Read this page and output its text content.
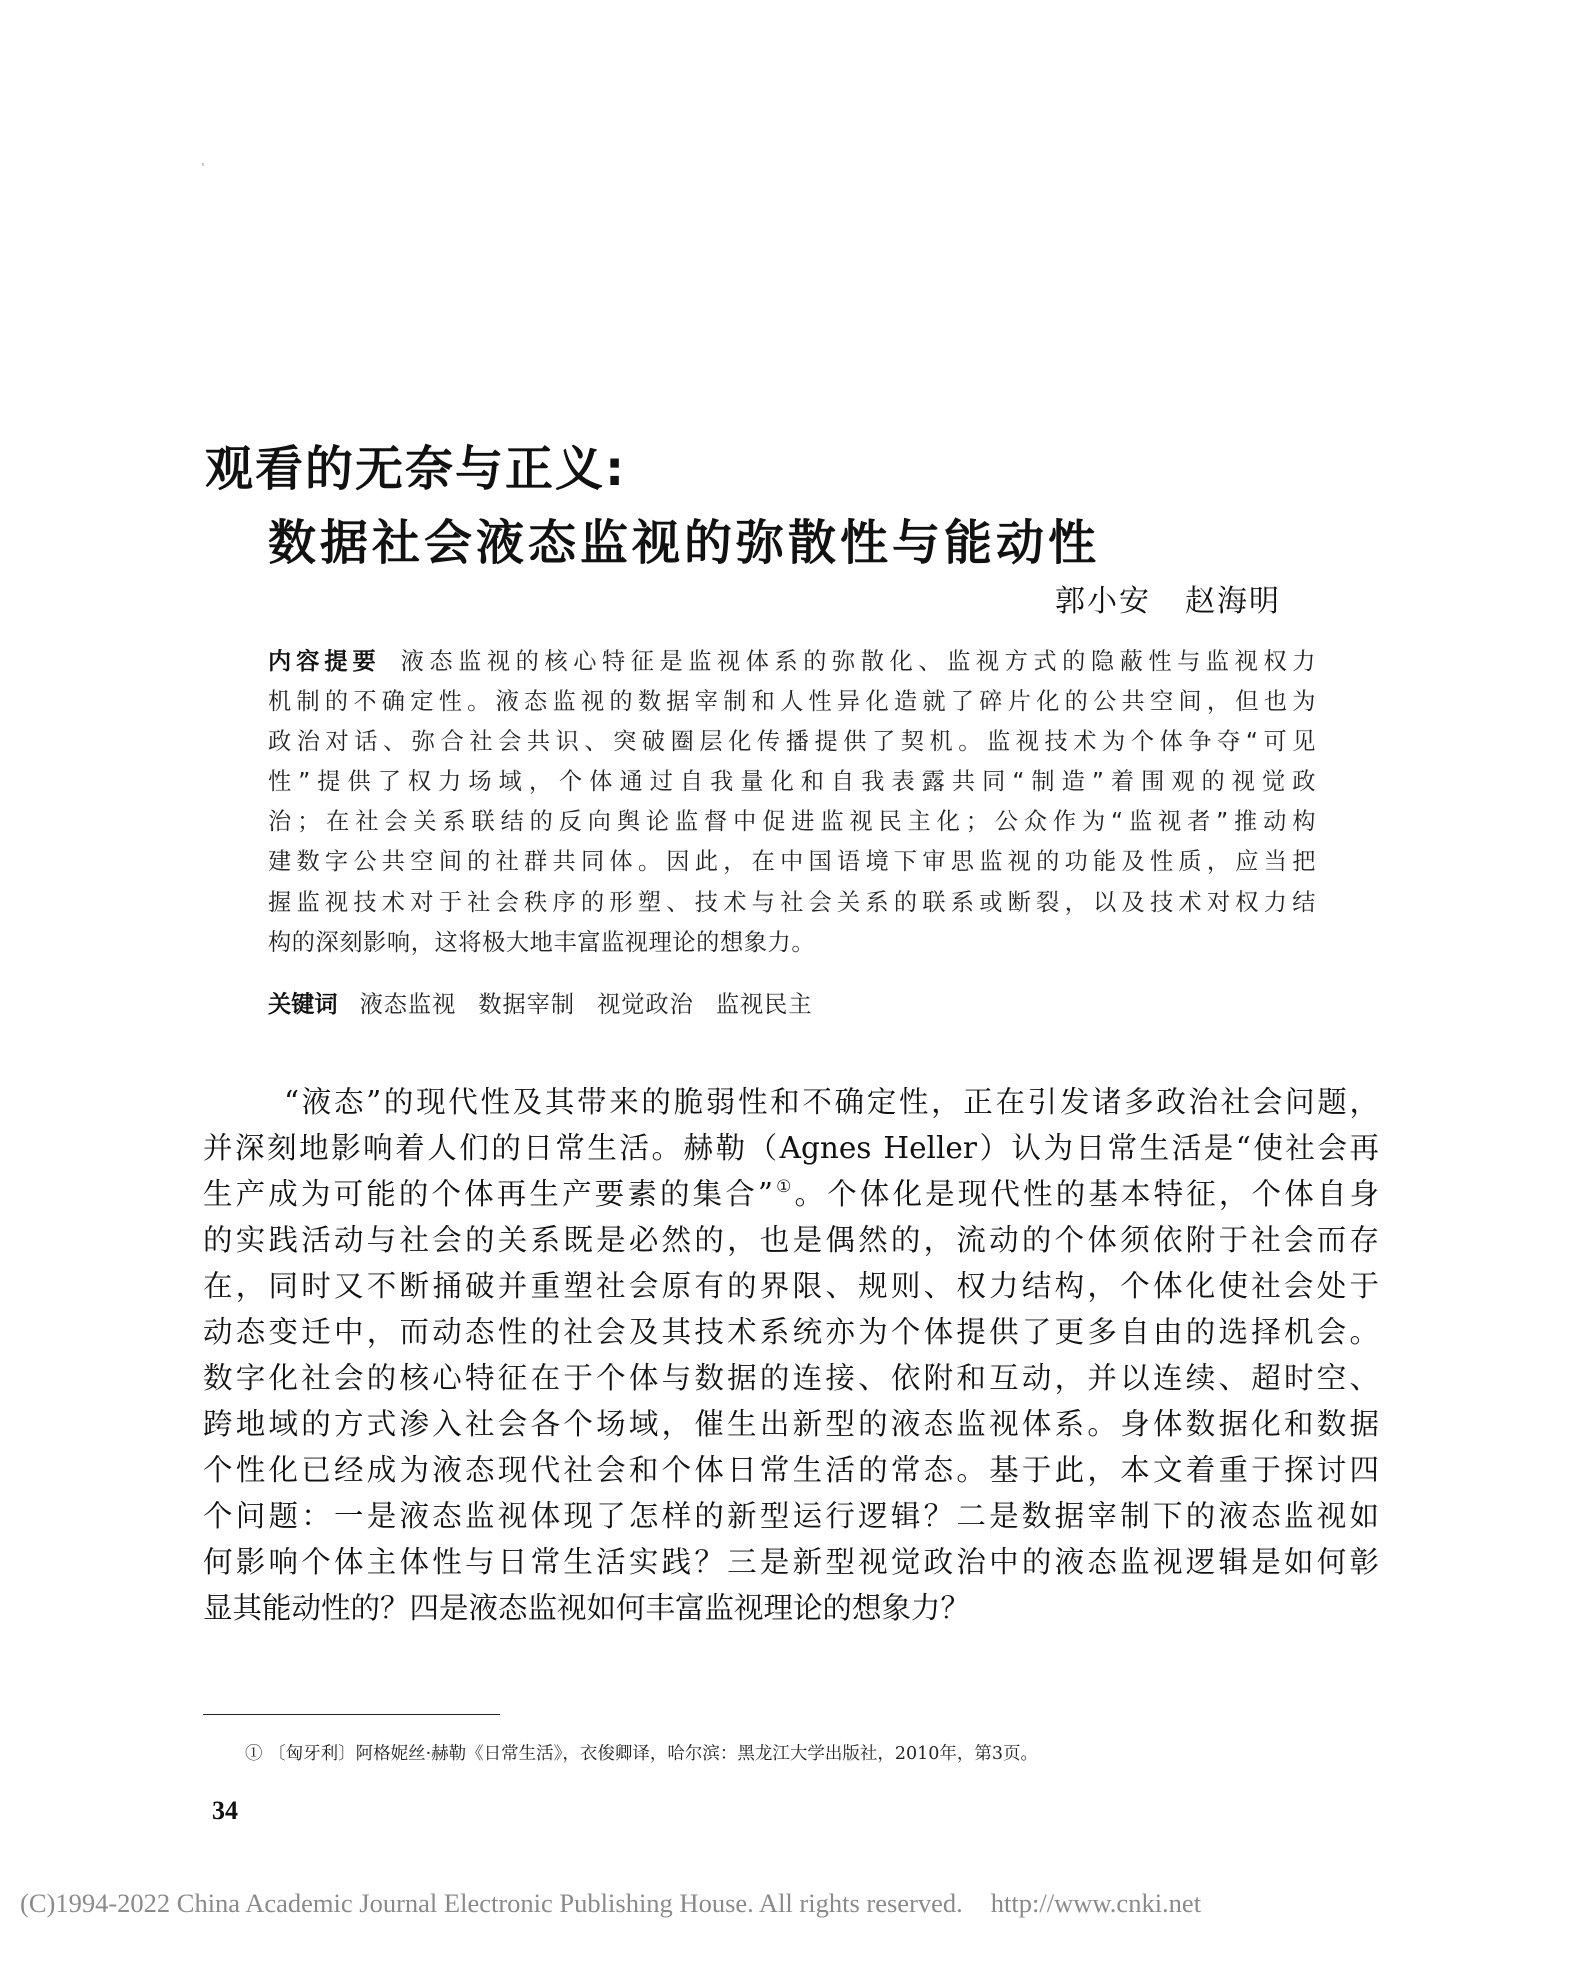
观看的无奈与正义:
数据社会液态监视的弥散性与能动性
郭小安 赵海明
内容提要 液态监视的核心特征是监视体系的弥散化、监视方式的隐蔽性与监视权力
机制的不确定性。液态监视的数据宰制和人性异化造就了碎片化的公共空间，但也为
政治对话、弥合社会共识、突破圈层化传播提供了契机。监视技术为个体争夺“可见
性”提供了权力场域，个体通过自我量化和自我表露共同“制造”着围观的视觉政
治；在社会关系联结的反向舆论监督中促进监视民主化；公众作为“监视者”推动构
建数字公共空间的社群共同体。因此，在中国语境下审思监视的功能及性质，应当把
握监视技术对于社会秩序的形塑、技术与社会关系的联系或断裂，以及技术对权力结
构的深刻影响，这将极大地丰富监视理论的想象力。
关键词 液态监视 数据宰制 视觉政治 监视民主
“液态”的现代性及其带来的脆弱性和不确定性，正在引发诸多政治社会问题，
并深刻地影响着人们的日常生活。赫勒（Agnes Heller）认为日常生活是“使社会再
生产成为可能的个体再生产要素的集合”①。个体化是现代性的基本特征，个体自身
的实践活动与社会的关系既是必然的，也是偶然的，流动的个体须依附于社会而存
在，同时又不断捅破并重塑社会原有的界限、规则、权力结构，个体化使社会处于
动态变迁中，而动态性的社会及其技术系统亦为个体提供了更多自由的选择机会。
数字化社会的核心特征在于个体与数据的连接、依附和互动，并以连续、超时空、
跨地域的方式渗入社会各个场域，催生出新型的液态监视体系。身体数据化和数据
个性化已经成为液态现代社会和个体日常生活的常态。基于此，本文着重于探讨四
个问题：一是液态监视体现了怎样的新型运行逻辑？二是数据宰制下的液态监视如
何影响个体主体性与日常生活实践？三是新型视觉政治中的液态监视逻辑是如何彰
显其能动性的？四是液态监视如何丰富监视理论的想象力？
① 〔匈牙利〕阿格妮丝·赫勒《日常生活》，衣俊卿译，哈尔滨：黑龙江大学出版社，2010年，第3页。
34
(C)1994-2022 China Academic Journal Electronic Publishing House. All rights reserved. http://www.cnki.net
